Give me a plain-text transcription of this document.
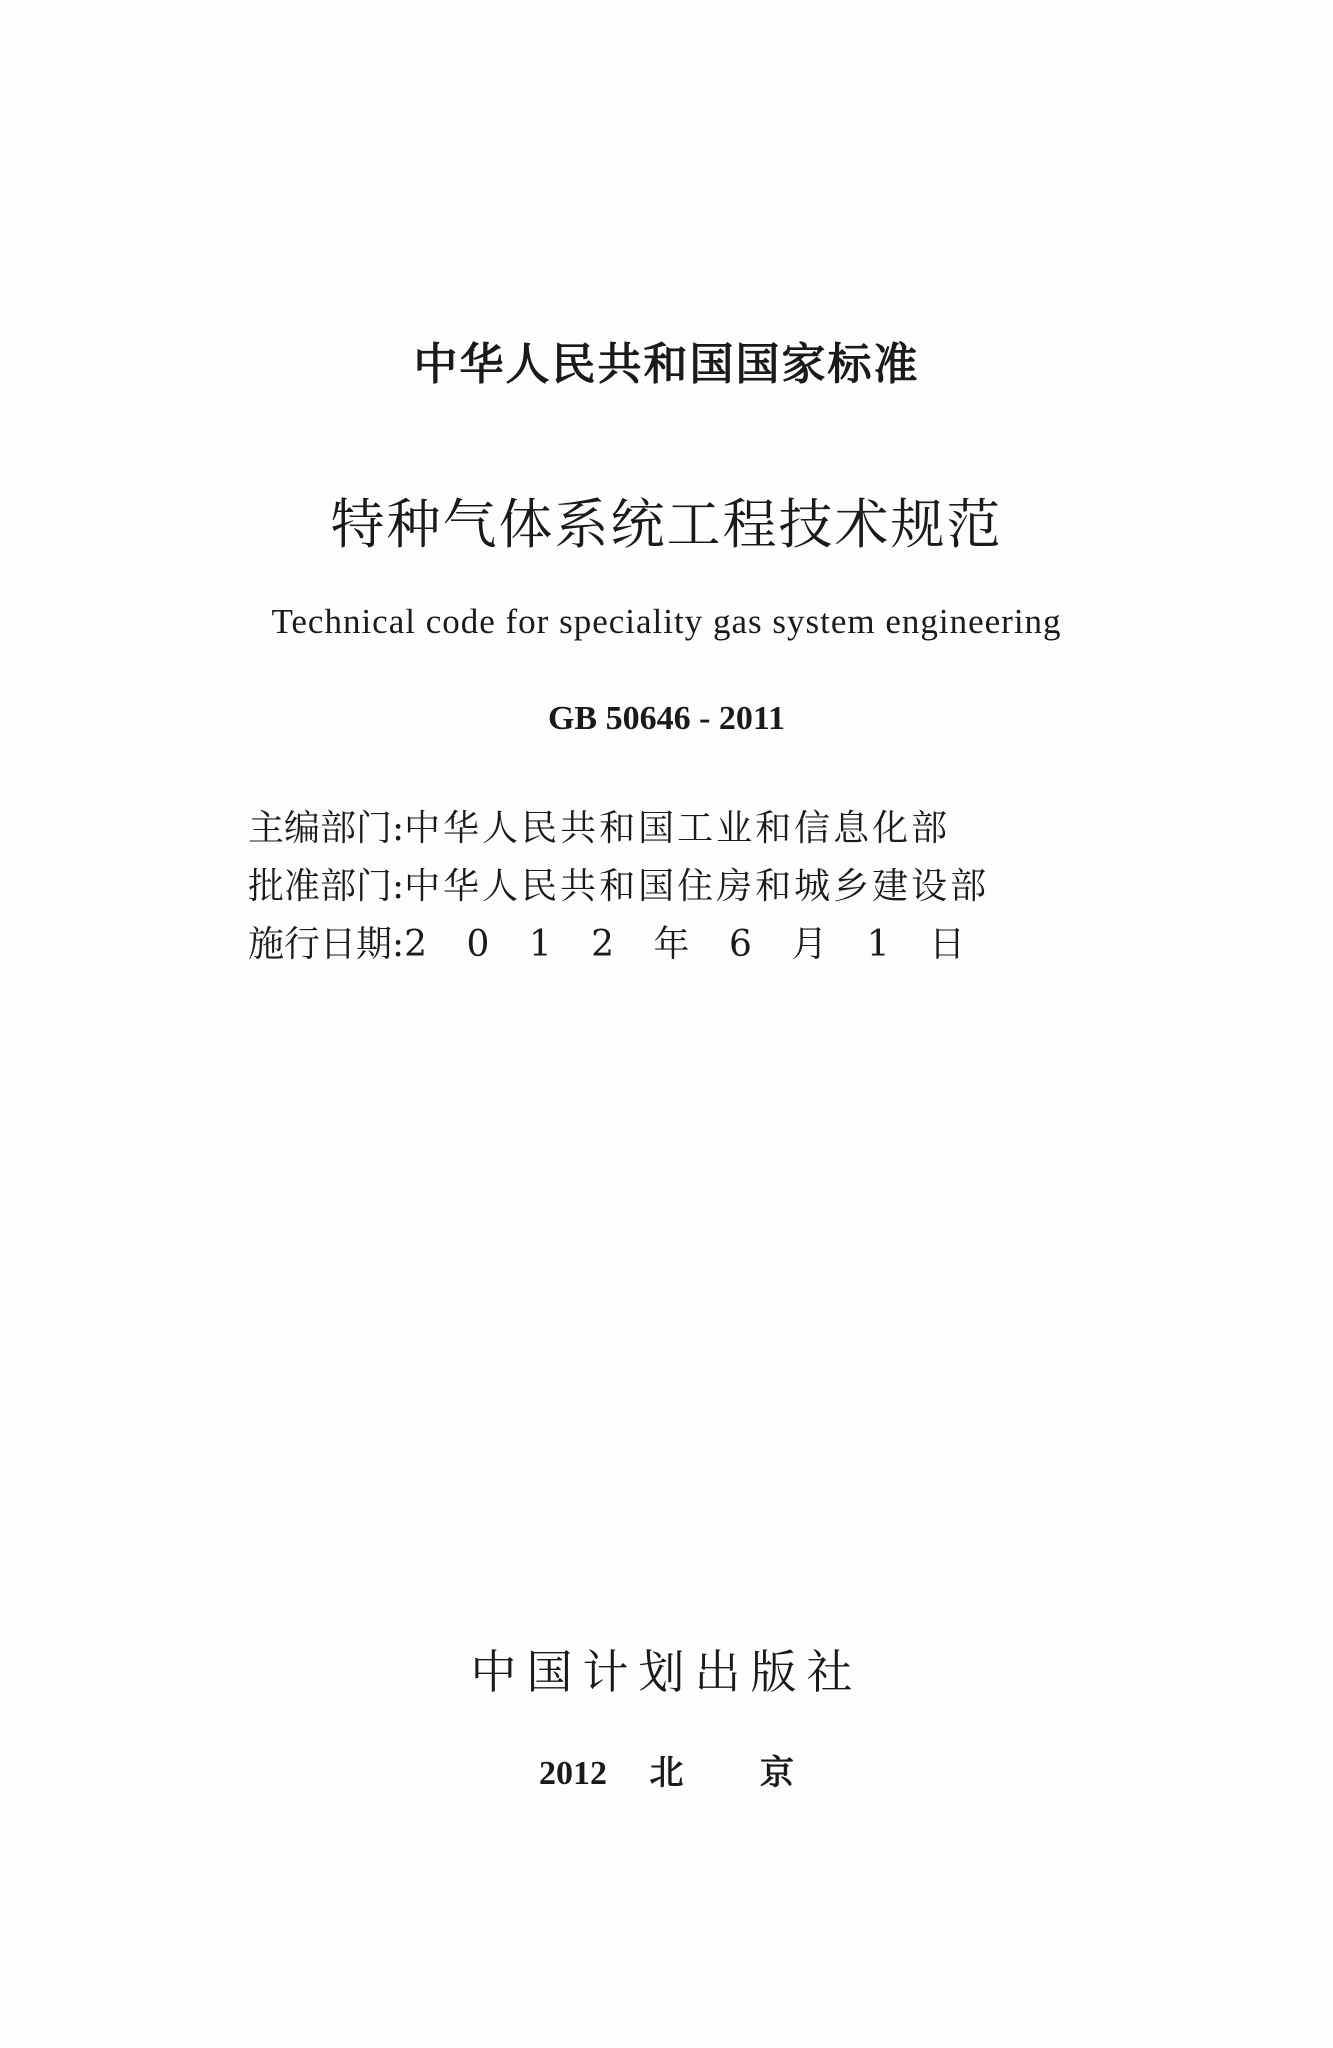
中华人民共和国国家标准
特种气体系统工程技术规范
Technical code for speciality gas system engineering
GB 50646 - 2011
主编部门:中华人民共和国工业和信息化部
批准部门:中华人民共和国住房和城乡建设部
施行日期:2 0 1 2 年 6 月 1 日
中国计划出版社
2012 北 京
